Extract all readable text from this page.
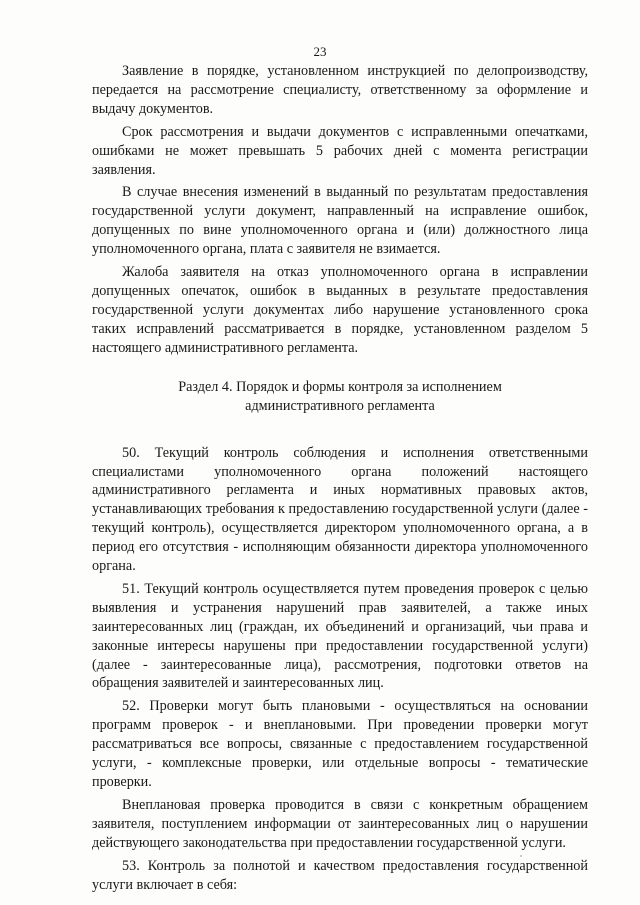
23

Заявление в порядке, установленном инструкцией по делопроизводству, передается на рассмотрение специалисту, ответственному за оформление и выдачу документов.

Срок рассмотрения и выдачи документов с исправленными опечатками, ошибками не может превышать 5 рабочих дней с момента регистрации заявления.

В случае внесения изменений в выданный по результатам предоставления государственной услуги документ, направленный на исправление ошибок, допущенных по вине уполномоченного органа и (или) должностного лица уполномоченного органа, плата с заявителя не взимается.

Жалоба заявителя на отказ уполномоченного органа в исправлении допущенных опечаток, ошибок в выданных в результате предоставления государственной услуги документах либо нарушение установленного срока таких исправлений рассматривается в порядке, установленном разделом 5 настоящего административного регламента.

Раздел 4. Порядок и формы контроля за исполнением
административного регламента

50. Текущий контроль соблюдения и исполнения ответственными специалистами уполномоченного органа положений настоящего административного регламента и иных нормативных правовых актов, устанавливающих требования к предоставлению государственной услуги (далее - текущий контроль), осуществляется директором уполномоченного органа, а в период его отсутствия - исполняющим обязанности директора уполномоченного органа.

51. Текущий контроль осуществляется путем проведения проверок с целью выявления и устранения нарушений прав заявителей, а также иных заинтересованных лиц (граждан, их объединений и организаций, чьи права и законные интересы нарушены при предоставлении государственной услуги) (далее - заинтересованные лица), рассмотрения, подготовки ответов на обращения заявителей и заинтересованных лиц.

52. Проверки могут быть плановыми - осуществляться на основании программ проверок - и внеплановыми. При проведении проверки могут рассматриваться все вопросы, связанные с предоставлением государственной услуги, - комплексные проверки, или отдельные вопросы - тематические проверки.

Внеплановая проверка проводится в связи с конкретным обращением заявителя, поступлением информации от заинтересованных лиц о нарушении действующего законодательства при предоставлении государственной услуги.

53. Контроль за полнотой и качеством предоставления государственной услуги включает в себя:
